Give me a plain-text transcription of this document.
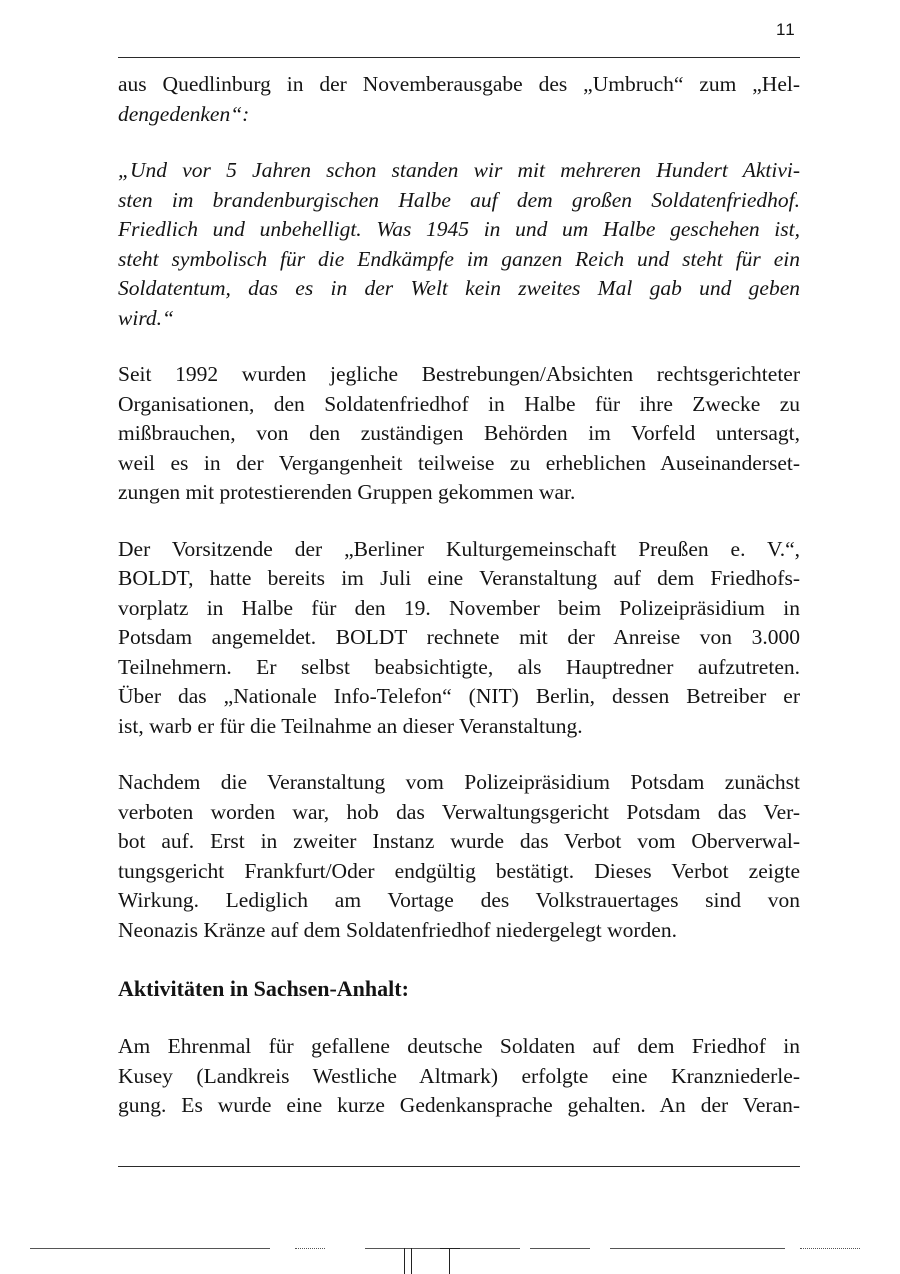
11

aus Quedlinburg in der Novemberausgabe des „Umbruch“ zum „Hel-
dengedenken“:

„Und vor 5 Jahren schon standen wir mit mehreren Hundert Aktivi-
sten im brandenburgischen Halbe auf dem großen Soldatenfriedhof.
Friedlich und unbehelligt. Was 1945 in und um Halbe geschehen ist,
steht symbolisch für die Endkämpfe im ganzen Reich und steht für ein
Soldatentum, das es in der Welt kein zweites Mal gab und geben
wird.“

Seit 1992 wurden jegliche Bestrebungen/Absichten rechtsgerichteter
Organisationen, den Soldatenfriedhof in Halbe für ihre Zwecke zu
mißbrauchen, von den zuständigen Behörden im Vorfeld untersagt,
weil es in der Vergangenheit teilweise zu erheblichen Auseinanderset-
zungen mit protestierenden Gruppen gekommen war.

Der Vorsitzende der „Berliner Kulturgemeinschaft Preußen e. V.“,
BOLDT, hatte bereits im Juli eine Veranstaltung auf dem Friedhofs-
vorplatz in Halbe für den 19. November beim Polizeipräsidium in
Potsdam angemeldet. BOLDT rechnete mit der Anreise von 3.000
Teilnehmern. Er selbst beabsichtigte, als Hauptredner aufzutreten.
Über das „Nationale Info-Telefon“ (NIT) Berlin, dessen Betreiber er
ist, warb er für die Teilnahme an dieser Veranstaltung.

Nachdem die Veranstaltung vom Polizeipräsidium Potsdam zunächst
verboten worden war, hob das Verwaltungsgericht Potsdam das Ver-
bot auf. Erst in zweiter Instanz wurde das Verbot vom Oberverwal-
tungsgericht Frankfurt/Oder endgültig bestätigt. Dieses Verbot zeigte
Wirkung. Lediglich am Vortage des Volkstrauertages sind von
Neonazis Kränze auf dem Soldatenfriedhof niedergelegt worden.

Aktivitäten in Sachsen-Anhalt:

Am Ehrenmal für gefallene deutsche Soldaten auf dem Friedhof in
Kusey (Landkreis Westliche Altmark) erfolgte eine Kranzniederle-
gung. Es wurde eine kurze Gedenkansprache gehalten. An der Veran-
